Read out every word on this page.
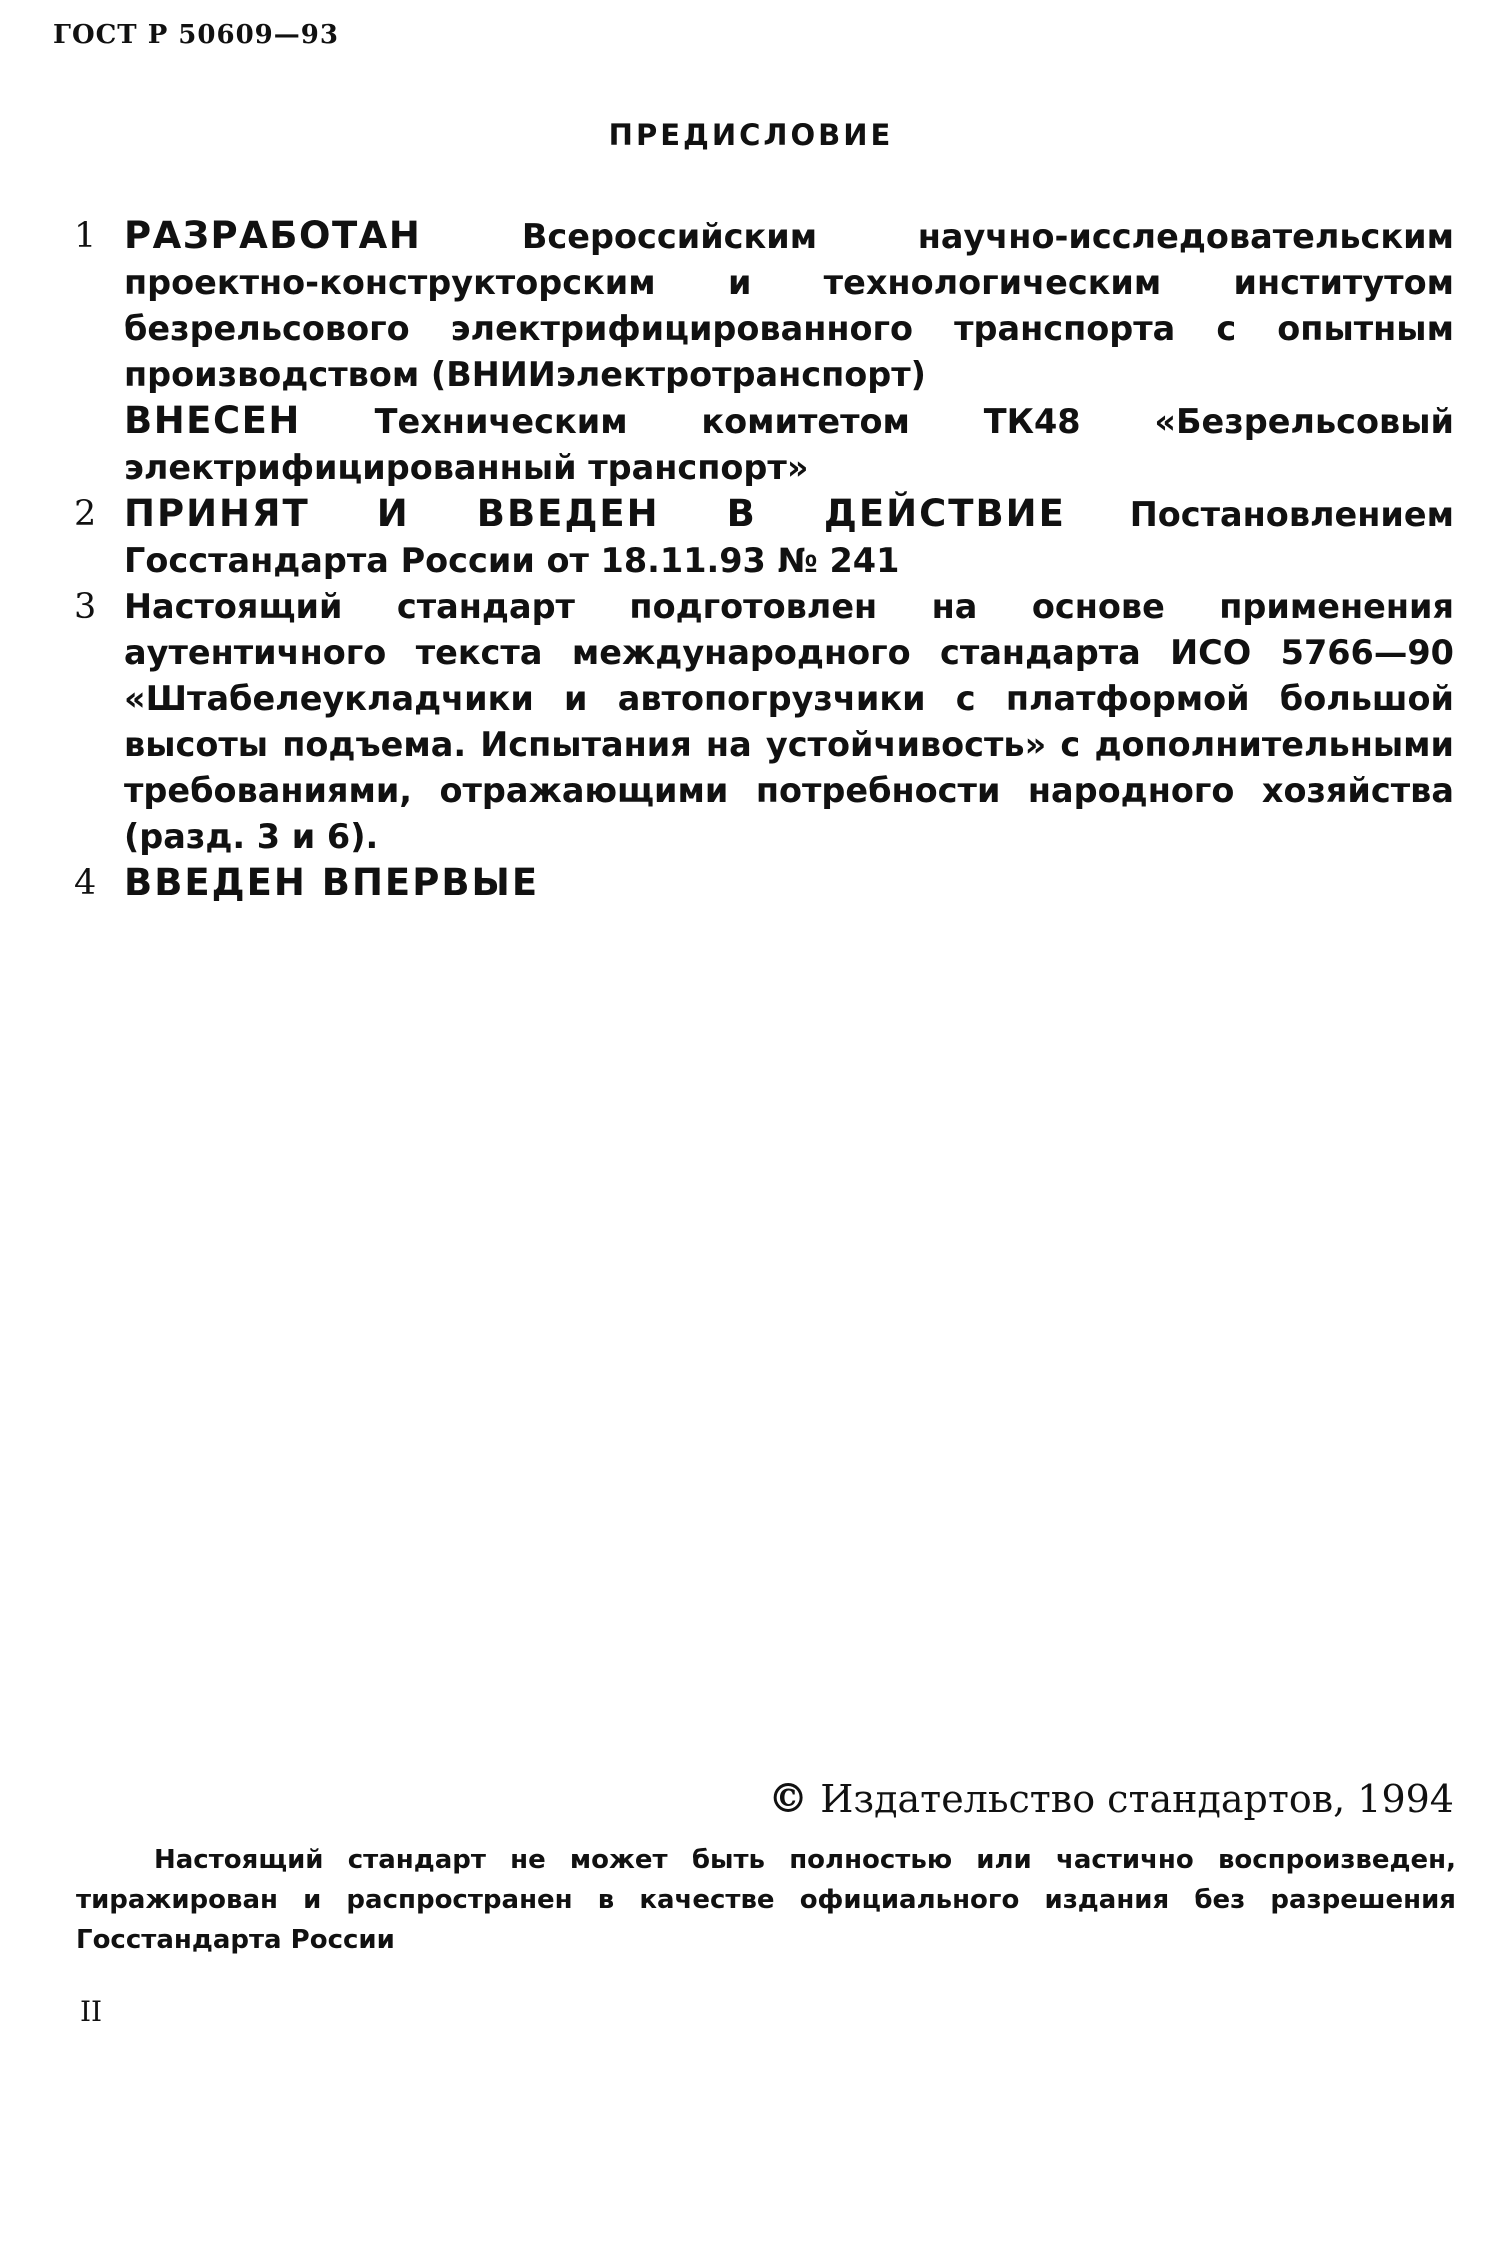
ГОСТ Р 50609—93
ПРЕДИСЛОВИЕ
1 РАЗРАБОТАН Всероссийским научно-исследовательским проектно-конструкторским и технологическим институтом безрельсового электрифицированного транспорта с опытным производством (ВНИИэлектротранспорт)
ВНЕСЕН Техническим комитетом ТК48 «Безрельсовый электрифицированный транспорт»
2 ПРИНЯТ И ВВЕДЕН В ДЕЙСТВИЕ Постановлением Госстандарта России от 18.11.93 № 241
3 Настоящий стандарт подготовлен на основе применения аутентичного текста международного стандарта ИСО 5766—90 «Штабелеукладчики и автопогрузчики с платформой большой высоты подъема. Испытания на устойчивость» с дополнительными требованиями, отражающими потребности народного хозяйства (разд. 3 и 6).
4 ВВЕДЕН ВПЕРВЫЕ
© Издательство стандартов, 1994
Настоящий стандарт не может быть полностью или частично воспроизведен, тиражирован и распространен в качестве официального издания без разрешения Госстандарта России
II
